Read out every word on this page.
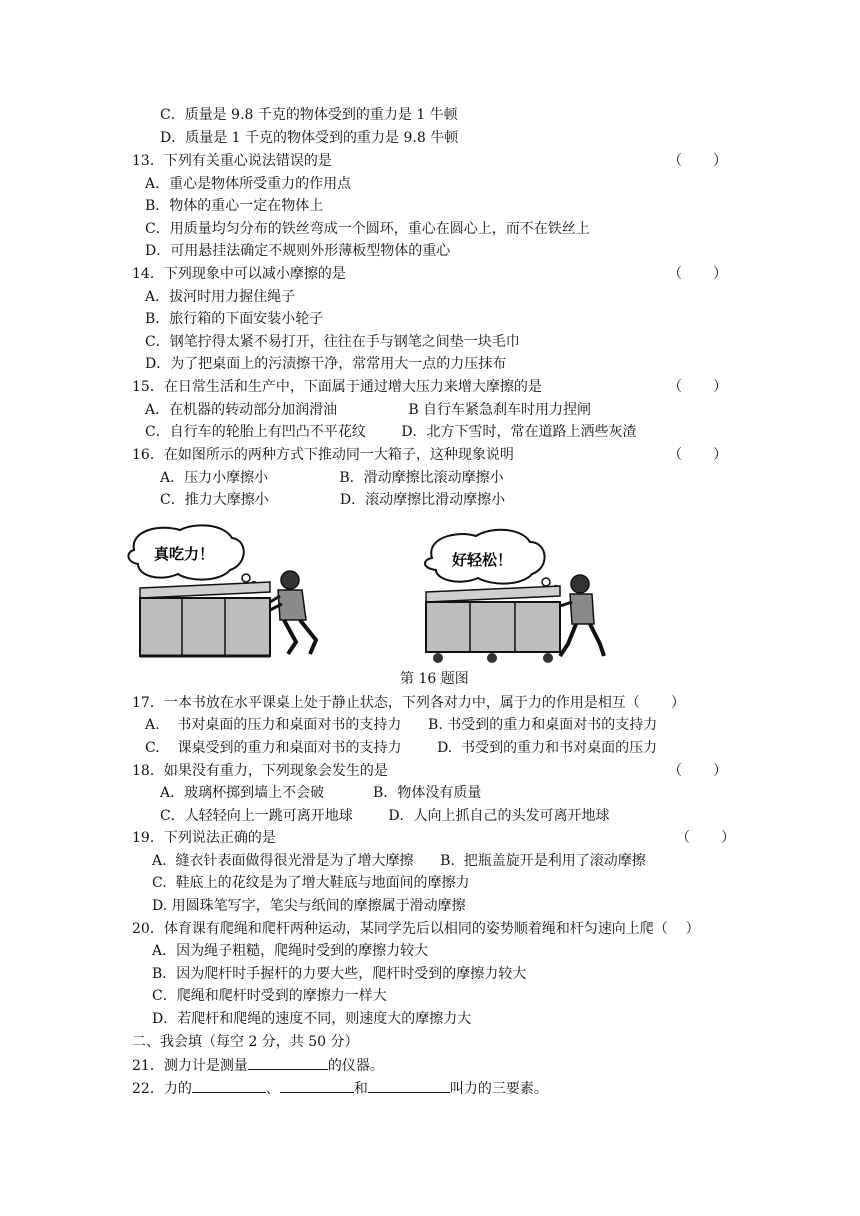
C．质量是 9.8 千克的物体受到的重力是 1 牛顿
D．质量是 1 千克的物体受到的重力是 9.8 牛顿
13．下列有关重心说法错误的是	（       ）
A．重心是物体所受重力的作用点
B．物体的重心一定在物体上
C．用质量均匀分布的铁丝弯成一个圆环，重心在圆心上，而不在铁丝上
D．可用悬挂法确定不规则外形薄板型物体的重心
14．下列现象中可以减小摩擦的是	（       ）
A．拔河时用力握住绳子
B．旅行箱的下面安装小轮子
C．钢笔拧得太紧不易打开，往往在手与钢笔之间垫一块毛巾
D．为了把桌面上的污渍擦干净，常常用大一点的力压抹布
15．在日常生活和生产中，下面属于通过增大压力来增大摩擦的是	（       ）
A．在机器的转动部分加润滑油                B 自行车紧急刹车时用力捏闸
C．自行车的轮胎上有凹凸不平花纹        D．北方下雪时，常在道路上洒些灰渣
16．在如图所示的两种方式下推动同一大箱子，这种现象说明	（       ）
A．压力小摩擦小                B．滑动摩擦比滚动摩擦小
C．推力大摩擦小                D．滚动摩擦比滑动摩擦小
17．一本书放在水平课桌上处于静止状态，下列各对力中，属于力的作用是相互（       ）
A.    书对桌面的压力和桌面对书的支持力      B. 书受到的重力和桌面对书的支持力
C.    课桌受到的重力和桌面对书的支持力        D.  书受到的重力和书对桌面的压力
18．如果没有重力，下列现象会发生的是	（       ）
A．玻璃杯掷到墙上不会破           B．物体没有质量
C．人轻轻向上一跳可离开地球        D．人向上抓自己的头发可离开地球
19．下列说法正确的是	（       ）
A.  缝衣针表面做得很光滑是为了增大摩擦      B.  把瓶盖旋开是利用了滚动摩擦
C.  鞋底上的花纹是为了增大鞋底与地面间的摩擦力
D. 用圆珠笔写字，笔尖与纸间的摩擦属于滑动摩擦
20．体育课有爬绳和爬杆两种运动，某同学先后以相同的姿势顺着绳和杆匀速向上爬（    ）
A．因为绳子粗糙，爬绳时受到的摩擦力较大
B．因为爬杆时手握杆的力要大些，爬杆时受到的摩擦力较大
C．爬绳和爬杆时受到的摩擦力一样大
D．若爬杆和爬绳的速度不同，则速度大的摩擦力大
二、我会填（每空 2 分，共 50 分）
21．测力计是测量	的仪器。
22．力的	、	和	叫力的三要素。
真吃力！	好轻松！
第 16 题图
